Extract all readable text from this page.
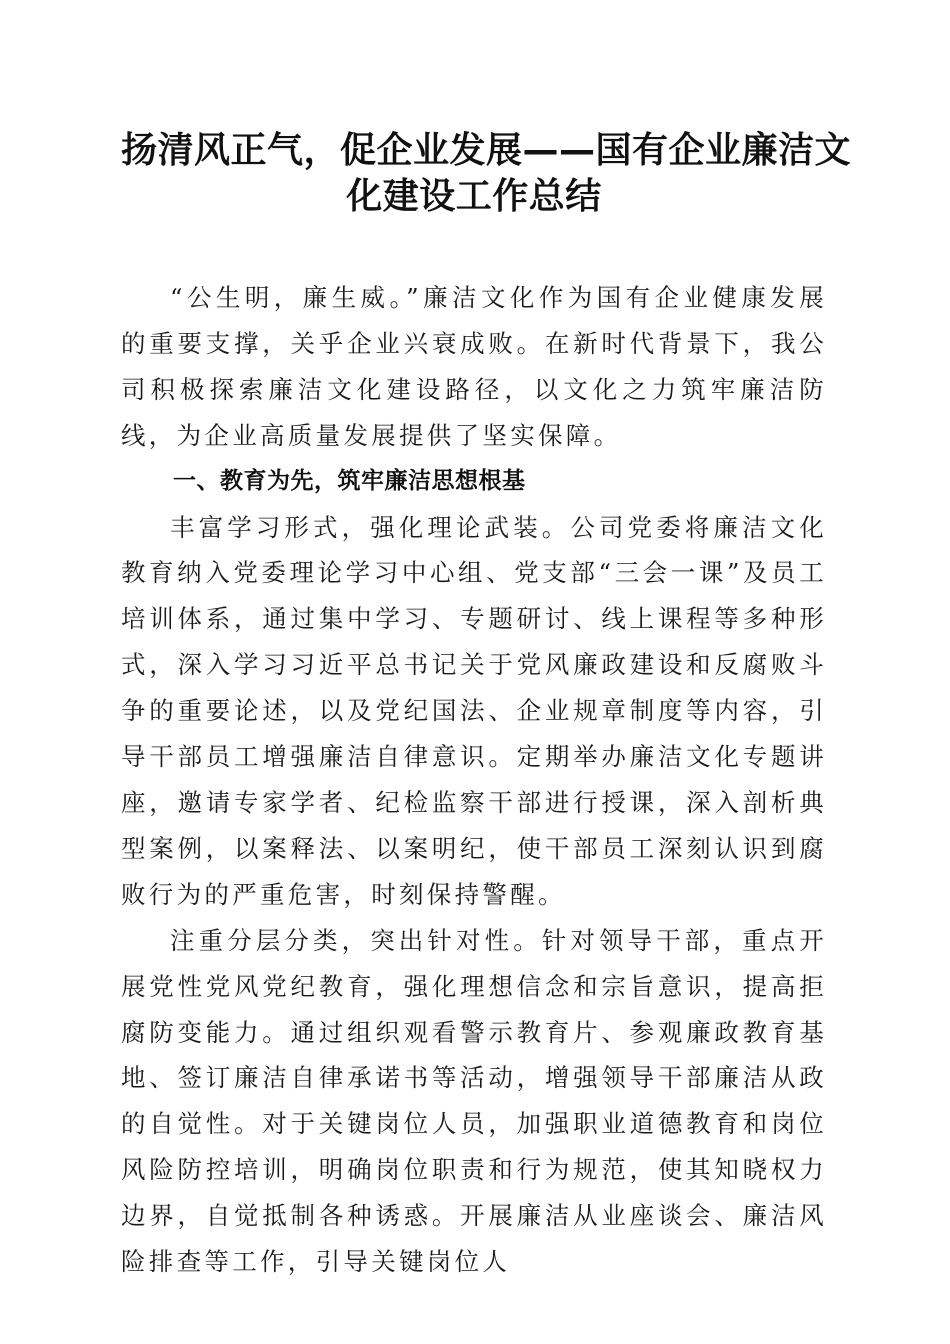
扬清风正气，促企业发展——国有企业廉洁文
化建设工作总结

“公生明，廉生威。”廉洁文化作为国有企业健康发展的重要支撑，关乎企业兴衰成败。在新时代背景下，我公司积极探索廉洁文化建设路径，以文化之力筑牢廉洁防线，为企业高质量发展提供了坚实保障。

一、教育为先，筑牢廉洁思想根基

丰富学习形式，强化理论武装。公司党委将廉洁文化教育纳入党委理论学习中心组、党支部“三会一课”及员工培训体系，通过集中学习、专题研讨、线上课程等多种形式，深入学习习近平总书记关于党风廉政建设和反腐败斗争的重要论述，以及党纪国法、企业规章制度等内容，引导干部员工增强廉洁自律意识。定期举办廉洁文化专题讲座，邀请专家学者、纪检监察干部进行授课，深入剖析典型案例，以案释法、以案明纪，使干部员工深刻认识到腐败行为的严重危害，时刻保持警醒。

注重分层分类，突出针对性。针对领导干部，重点开展党性党风党纪教育，强化理想信念和宗旨意识，提高拒腐防变能力。通过组织观看警示教育片、参观廉政教育基地、签订廉洁自律承诺书等活动，增强领导干部廉洁从政的自觉性。对于关键岗位人员，加强职业道德教育和岗位风险防控培训，明确岗位职责和行为规范，使其知晓权力边界，自觉抵制各种诱惑。开展廉洁从业座谈会、廉洁风险排查等工作，引导关键岗位人
